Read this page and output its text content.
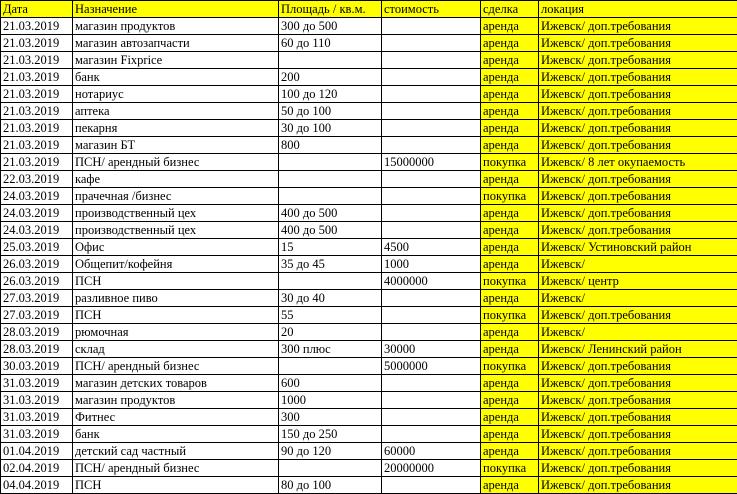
Дата	Назначение	Площадь / кв.м.	стоимость	сделка	локация
21.03.2019	магазин продуктов	300 до 500		аренда	Ижевск/ доп.требования
21.03.2019	магазин автозапчасти	60 до 110		аренда	Ижевск/ доп.требования
21.03.2019	магазин Fixprice			аренда	Ижевск/ доп.требования
21.03.2019	банк	200		аренда	Ижевск/ доп.требования
21.03.2019	нотариус	100 до 120		аренда	Ижевск/ доп.требования
21.03.2019	аптека	50 до 100		аренда	Ижевск/ доп.требования
21.03.2019	пекарня	30 до 100		аренда	Ижевск/ доп.требования
21.03.2019	магазин БТ	800		аренда	Ижевск/ доп.требования
21.03.2019	ПСН/ арендный бизнес		15000000	покупка	Ижевск/ 8 лет окупаемость
22.03.2019	кафе			аренда	Ижевск/ доп.требования
24.03.2019	прачечная /бизнес			покупка	Ижевск/ доп.требования
24.03.2019	производственный цех	400 до 500		аренда	Ижевск/ доп.требования
24.03.2019	производственный цех	400 до 500		аренда	Ижевск/ доп.требования
25.03.2019	Офис	15	4500	аренда	Ижевск/ Устиновский район
26.03.2019	Общепит/кофейня	35 до 45	1000	аренда	Ижевск/
26.03.2019	ПСН		4000000	покупка	Ижевск/ центр
27.03.2019	разливное пиво	30 до 40		аренда	Ижевск/
27.03.2019	ПСН	55		покупка	Ижевск/ доп.требования
28.03.2019	рюмочная	20		аренда	Ижевск/
28.03.2019	склад	300 плюс	30000	аренда	Ижевск/ Ленинский район
30.03.2019	ПСН/ арендный бизнес		5000000	покупка	Ижевск/ доп.требования
31.03.2019	магазин детских товаров	600		аренда	Ижевск/ доп.требования
31.03.2019	магазин продуктов	1000		аренда	Ижевск/ доп.требования
31.03.2019	Фитнес	300		аренда	Ижевск/ доп.требования
31.03.2019	банк	150 до 250		аренда	Ижевск/ доп.требования
01.04.2019	детский сад частный	90 до 120	60000	аренда	Ижевск/ доп.требования
02.04.2019	ПСН/ арендный бизнес		20000000	покупка	Ижевск/ доп.требования
04.04.2019	ПСН	80 до 100		аренда	Ижевск/ доп.требования
